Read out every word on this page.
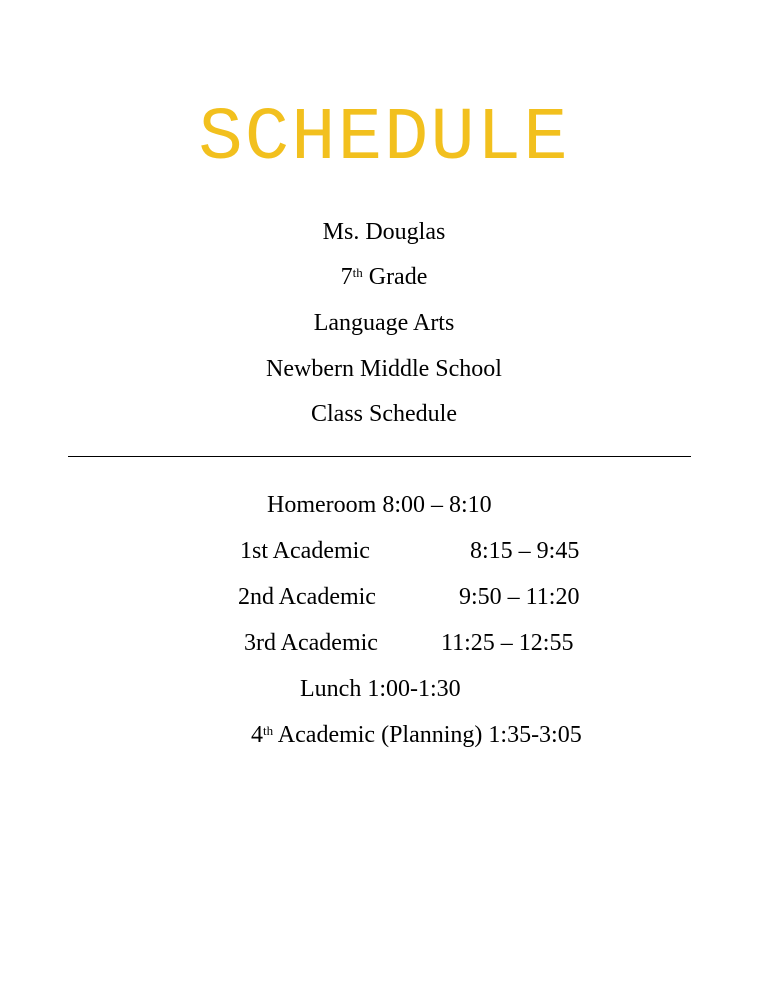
SCHEDULE
Ms. Douglas
7th Grade
Language Arts
Newbern Middle School
Class Schedule
Homeroom 8:00 – 8:10
1st Academic	8:15 – 9:45
2nd Academic	9:50 – 11:20
3rd Academic	11:25 – 12:55
Lunch 1:00-1:30
4th Academic (Planning) 1:35-3:05
